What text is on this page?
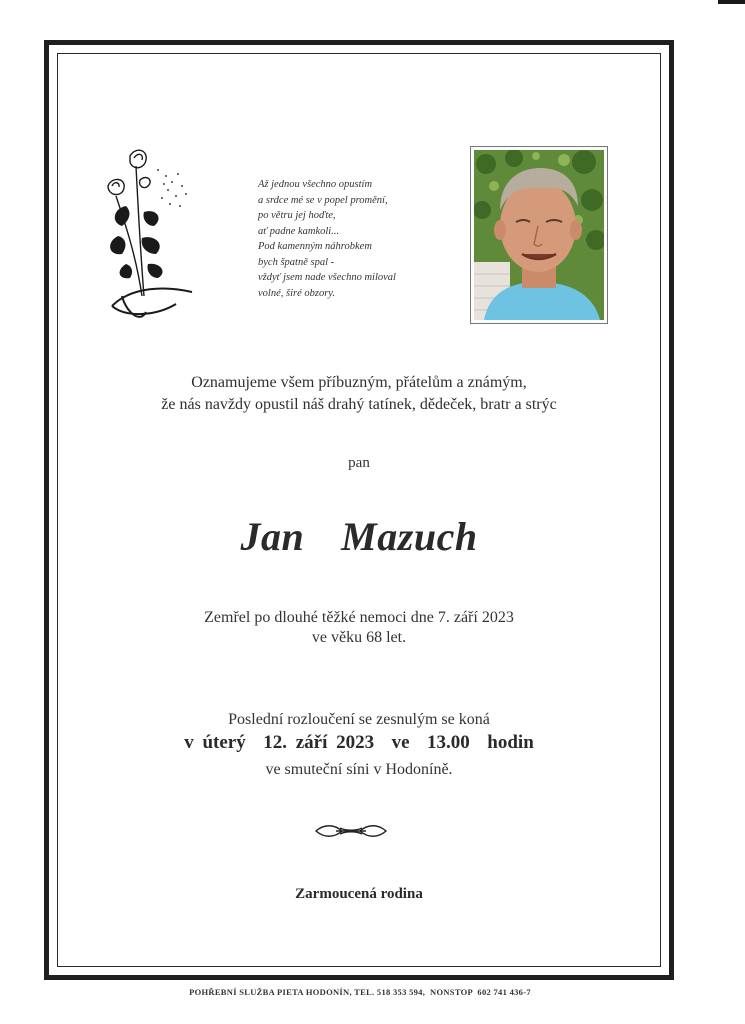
Až jednou všechno opustím
a srdce mé se v popel promění,
po větru jej hoďte,
ať padne kamkoli...
Pod kamenným náhrobkem
bych špatně spal -
vždyť jsem nade všechno miloval
volné, širé obzory.
Oznamujeme všem příbuzným, přátelům a známým,
že nás navždy opustil náš drahý tatínek, dědeček, bratr a strýc
pan
Jan  Mazuch
Zemřel po dlouhé těžké nemoci dne 7. září 2023
ve věku 68 let.
Poslední rozloučení se zesnulým se koná
v úterý  12. září 2023  ve  13.00  hodin
ve smuteční síni v Hodoníně.
Zarmoucená rodina
POHŘEBNÍ SLUŽBA PIETA HODONÍN, TEL. 518 353 594,  NONSTOP  602 741 436-7
